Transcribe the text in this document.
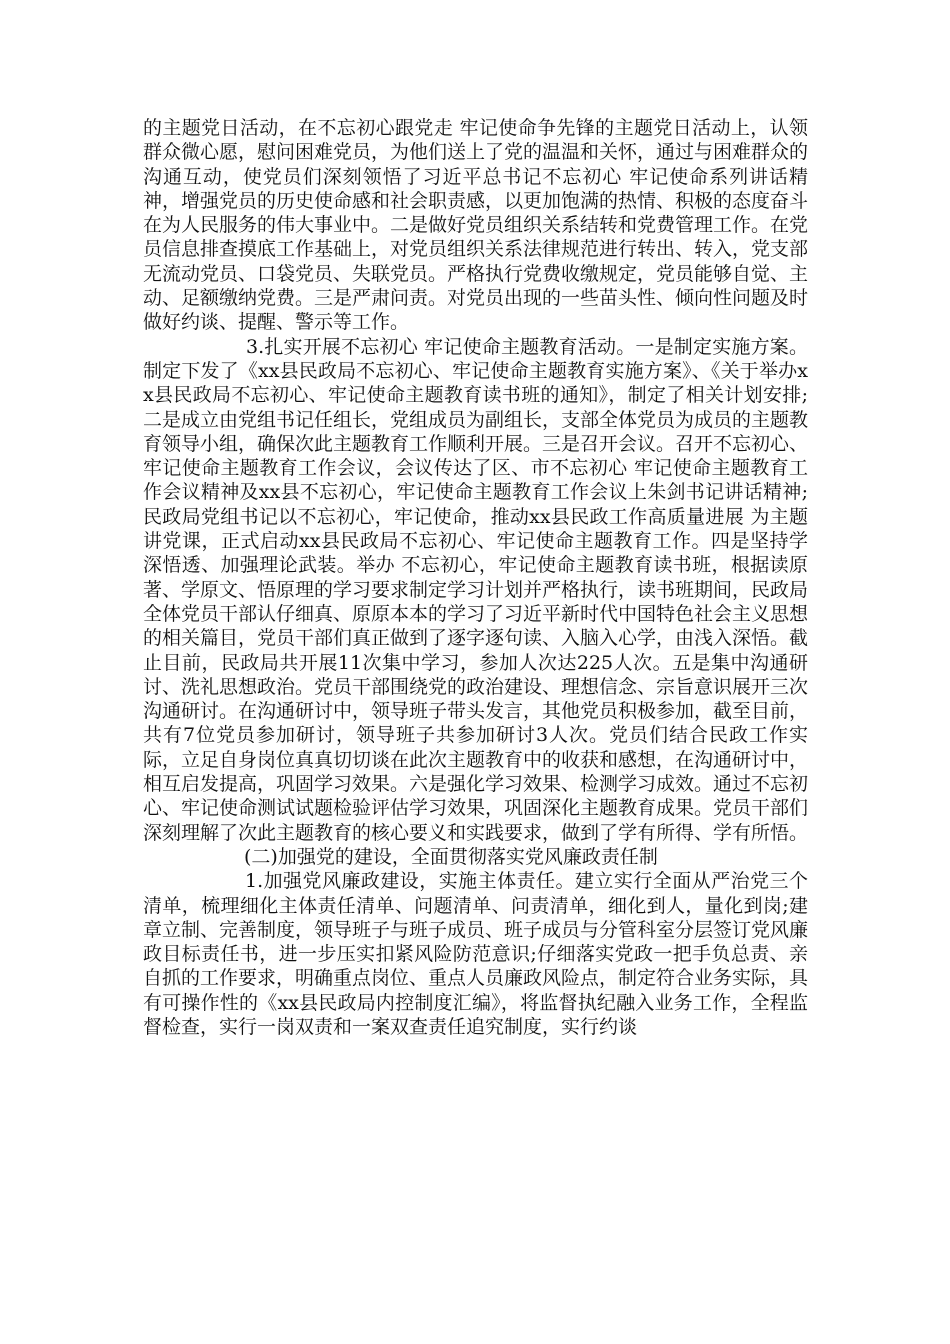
的主题党日活动，在不忘初心跟党走 牢记使命争先锋的主题党日活动上，认领群众微心愿，慰问困难党员，为他们送上了党的温温和关怀，通过与困难群众的沟通互动，使党员们深刻领悟了习近平总书记不忘初心 牢记使命系列讲话精神，增强党员的历史使命感和社会职责感，以更加饱满的热情、积极的态度奋斗在为人民服务的伟大事业中。二是做好党员组织关系结转和党费管理工作。在党员信息排查摸底工作基础上，对党员组织关系法律规范进行转出、转入，党支部无流动党员、口袋党员、失联党员。严格执行党费收缴规定，党员能够自觉、主动、足额缴纳党费。三是严肃问责。对党员出现的一些苗头性、倾向性问题及时做好约谈、提醒、警示等工作。

3.扎实开展不忘初心 牢记使命主题教育活动。一是制定实施方案。制定下发了《xx县民政局不忘初心、牢记使命主题教育实施方案》、《关于举办xx县民政局不忘初心、牢记使命主题教育读书班的通知》，制定了相关计划安排;二是成立由党组书记任组长，党组成员为副组长，支部全体党员为成员的主题教育领导小组，确保次此主题教育工作顺利开展。三是召开会议。召开不忘初心、牢记使命主题教育工作会议，会议传达了区、市不忘初心 牢记使命主题教育工作会议精神及xx县不忘初心，牢记使命主题教育工作会议上朱剑书记讲话精神;民政局党组书记以不忘初心，牢记使命，推动xx县民政工作高质量进展 为主题讲党课，正式启动xx县民政局不忘初心、牢记使命主题教育工作。四是坚持学深悟透、加强理论武装。举办 不忘初心，牢记使命主题教育读书班，根据读原著、学原文、悟原理的学习要求制定学习计划并严格执行，读书班期间，民政局全体党员干部认仔细真、原原本本的学习了习近平新时代中国特色社会主义思想的相关篇目，党员干部们真正做到了逐字逐句读、入脑入心学，由浅入深悟。截止目前，民政局共开展11次集中学习，参加人次达225人次。五是集中沟通研讨、洗礼思想政治。党员干部围绕党的政治建设、理想信念、宗旨意识展开三次沟通研讨。在沟通研讨中，领导班子带头发言，其他党员积极参加，截至目前，共有7位党员参加研讨，领导班子共参加研讨3人次。党员们结合民政工作实际，立足自身岗位真真切切谈在此次主题教育中的收获和感想，在沟通研讨中，相互启发提高，巩固学习效果。六是强化学习效果、检测学习成效。通过不忘初心、牢记使命测试试题检验评估学习效果，巩固深化主题教育成果。党员干部们深刻理解了次此主题教育的核心要义和实践要求，做到了学有所得、学有所悟。

(二)加强党的建设，全面贯彻落实党风廉政责任制

1.加强党风廉政建设，实施主体责任。建立实行全面从严治党三个清单，梳理细化主体责任清单、问题清单、问责清单，细化到人，量化到岗;建章立制、完善制度，领导班子与班子成员、班子成员与分管科室分层签订党风廉政目标责任书，进一步压实扣紧风险防范意识;仔细落实党政一把手负总责、亲自抓的工作要求，明确重点岗位、重点人员廉政风险点，制定符合业务实际，具有可操作性的《xx县民政局内控制度汇编》，将监督执纪融入业务工作，全程监督检查，实行一岗双责和一案双查责任追究制度，实行约谈
